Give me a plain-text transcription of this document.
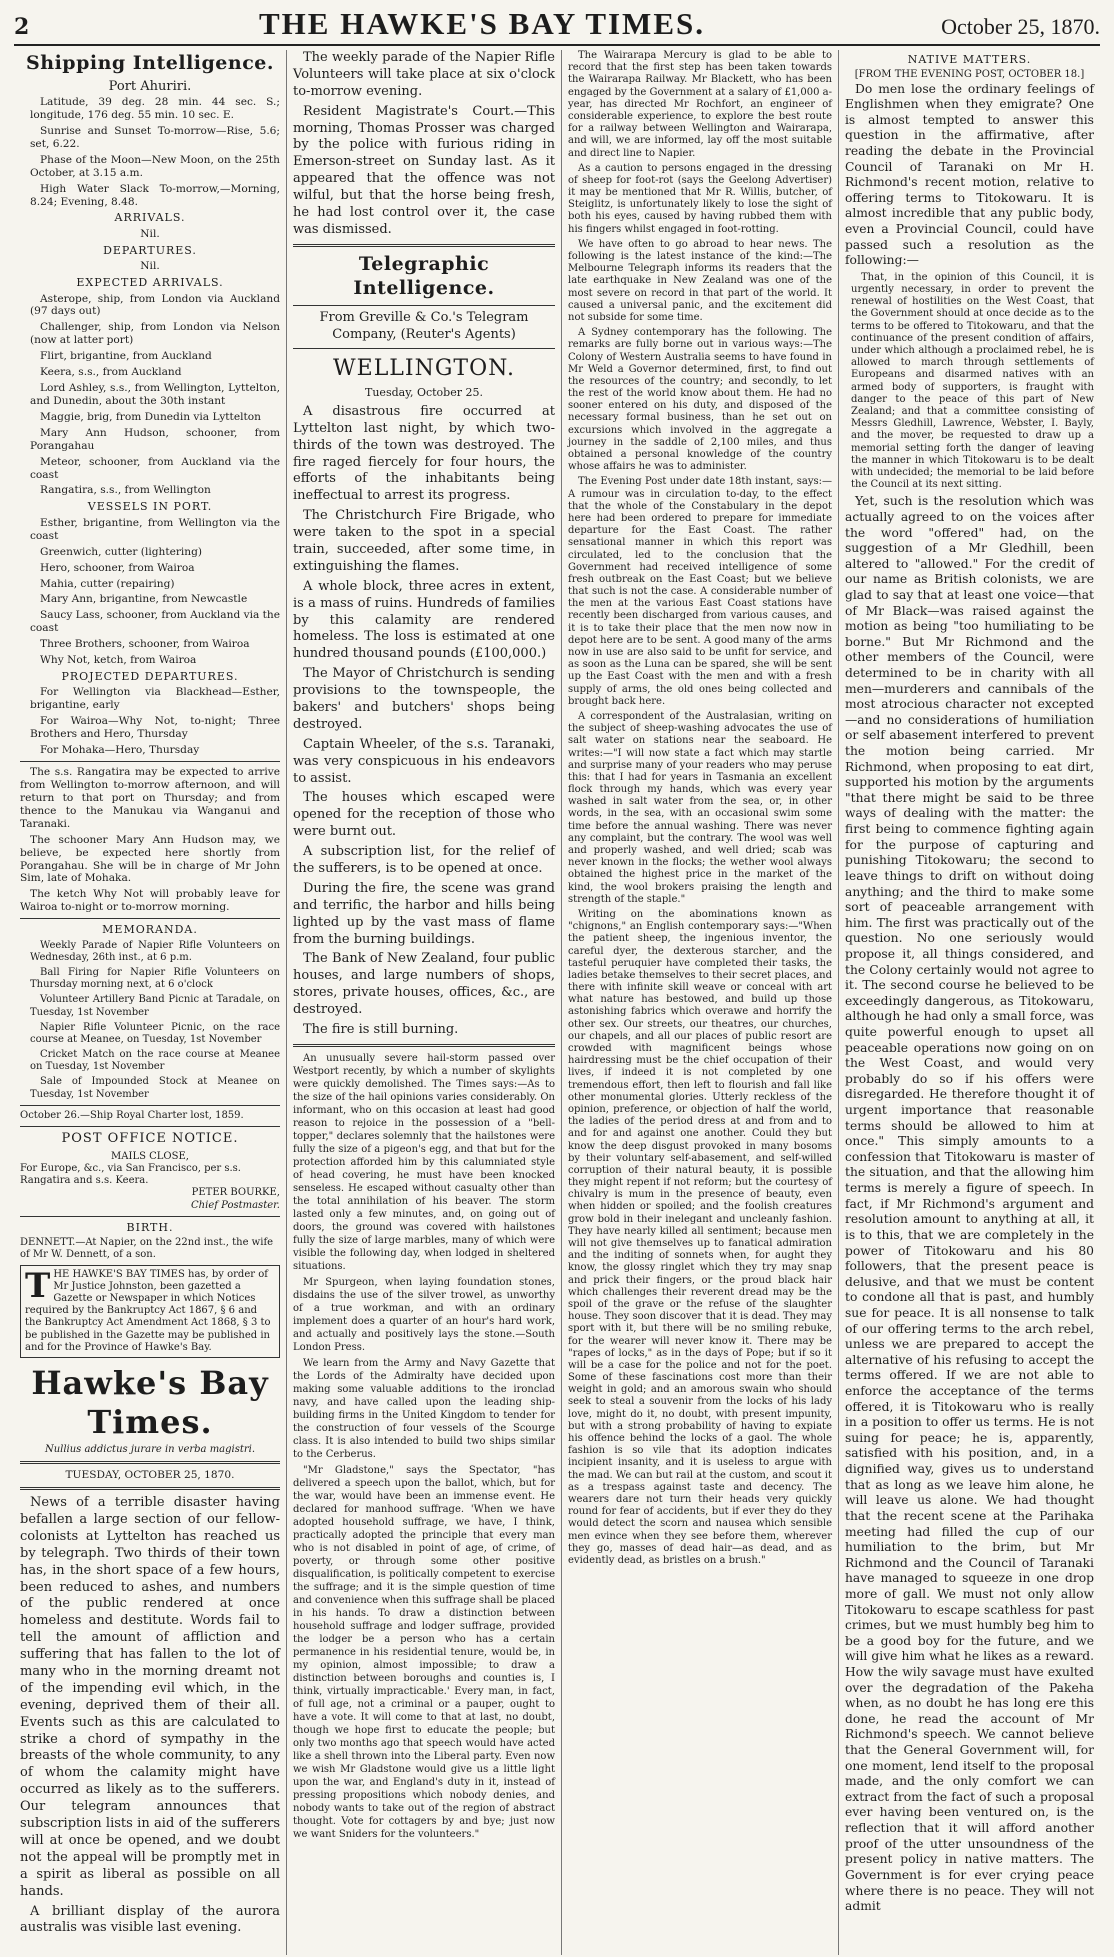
2	THE HAWKE'S BAY TIMES.	October 25, 1870.
Shipping Intelligence.
Port Ahuriri.

Latitude, 39 deg. 28 min. 44 sec. S.; longitude, 176 deg. 55 min. 10 sec. E.

Sunrise and Sunset To-morrow—Rise, 5.6; set, 6.22.

Phase of the Moon—New Moon, on the 25th October, at 3.15 a.m.

High Water Slack To-morrow,—Morning, 8.24; Evening, 8.48.

ARRIVALS.
Nil.
DEPARTURES.
Nil.
EXPECTED ARRIVALS.

Asterope, ship, from London via Auckland (97 days out)

Challenger, ship, from London via Nelson (now at latter port)

Flirt, brigantine, from Auckland

Keera, s.s., from Auckland

Lord Ashley, s.s., from Wellington, Lyttelton, and Dunedin, about the 30th instant

Maggie, brig, from Dunedin via Lyttelton

Mary Ann Hudson, schooner, from Porangahau

Meteor, schooner, from Auckland via the coast

Rangatira, s.s., from Wellington

VESSELS IN PORT.

Esther, brigantine, from Wellington via the coast

Greenwich, cutter (lightering)

Hero, schooner, from Wairoa

Mahia, cutter (repairing)

Mary Ann, brigantine, from Newcastle

Saucy Lass, schooner, from Auckland via the coast

Three Brothers, schooner, from Wairoa

Why Not, ketch, from Wairoa

PROJECTED DEPARTURES.

For Wellington via Blackhead—Esther, brigantine, early

For Wairoa—Why Not, to-night; Three Brothers and Hero, Thursday

For Mohaka—Hero, Thursday

The s.s. Rangatira may be expected to arrive from Wellington to-morrow afternoon, and will return to that port on Thursday; and from thence to the Manukau via Wanganui and Taranaki.

The schooner Mary Ann Hudson may, we believe, be expected here shortly from Porangahau. She will be in charge of Mr John Sim, late of Mohaka.

The ketch Why Not will probably leave for Wairoa to-night or to-morrow morning.

MEMORANDA.

Weekly Parade of Napier Rifle Volunteers on Wednesday, 26th inst., at 6 p.m.

Ball Firing for Napier Rifle Volunteers on Thursday morning next, at 6 o'clock

Volunteer Artillery Band Picnic at Taradale, on Tuesday, 1st November

Napier Rifle Volunteer Picnic, on the race course at Meanee, on Tuesday, 1st November

Cricket Match on the race course at Meanee on Tuesday, 1st November

Sale of Impounded Stock at Meanee on Tuesday, 1st November

October 26.—Ship Royal Charter lost, 1859.
POST OFFICE NOTICE.
MAILS CLOSE,
For Europe, &c., via San Francisco, per s.s. Rangatira and s.s. Keera.
PETER BOURKE,
Chief Postmaster.
BIRTH.
DENNETT.—At Napier, on the 22nd inst., the wife of Mr W. Dennett, of a son.
T HE HAWKE'S BAY TIMES has, by order of Mr Justice Johnston, been gazetted a Gazette or Newspaper in which Notices required by the Bankruptcy Act 1867, § 6 and the Bankruptcy Act Amendment Act 1868, § 3 to be published in the Gazette may be published in and for the Province of Hawke's Bay.
Hawke's Bay Times.
Nullius addictus jurare in verba magistri.
TUESDAY, OCTOBER 25, 1870.

News of a terrible disaster having befallen a large section of our fellow-colonists at Lyttelton has reached us by telegraph. Two thirds of their town has, in the short space of a few hours, been reduced to ashes, and numbers of the public rendered at once homeless and destitute. Words fail to tell the amount of affliction and suffering that has fallen to the lot of many who in the morning dreamt not of the impending evil which, in the evening, deprived them of their all. Events such as this are calculated to strike a chord of sympathy in the breasts of the whole community, to any of whom the calamity might have occurred as likely as to the sufferers. Our telegram announces that subscription lists in aid of the sufferers will at once be opened, and we doubt not the appeal will be promptly met in a spirit as liberal as possible on all hands.

A brilliant display of the aurora australis was visible last evening.

The weekly parade of the Napier Rifle Volunteers will take place at six o'clock to-morrow evening.

Resident Magistrate's Court.—This morning, Thomas Prosser was charged by the police with furious riding in Emerson-street on Sunday last. As it appeared that the offence was not wilful, but that the horse being fresh, he had lost control over it, the case was dismissed.

Telegraphic Intelligence.
From Greville & Co.'s Telegram Company, (Reuter's Agents)
WELLINGTON.
Tuesday, October 25.

A disastrous fire occurred at Lyttelton last night, by which two-thirds of the town was destroyed. The fire raged fiercely for four hours, the efforts of the inhabitants being ineffectual to arrest its progress.

The Christchurch Fire Brigade, who were taken to the spot in a special train, succeeded, after some time, in extinguishing the flames.

A whole block, three acres in extent, is a mass of ruins. Hundreds of families by this calamity are rendered homeless. The loss is estimated at one hundred thousand pounds (£100,000.)

The Mayor of Christchurch is sending provisions to the townspeople, the bakers' and butchers' shops being destroyed.

Captain Wheeler, of the s.s. Taranaki, was very conspicuous in his endeavors to assist.

The houses which escaped were opened for the reception of those who were burnt out.

A subscription list, for the relief of the sufferers, is to be opened at once.

During the fire, the scene was grand and terrific, the harbor and hills being lighted up by the vast mass of flame from the burning buildings.

The Bank of New Zealand, four public houses, and large numbers of shops, stores, private houses, offices, &c., are destroyed.

The fire is still burning.

An unusually severe hail-storm passed over Westport recently, by which a number of skylights were quickly demolished. The Times says:—As to the size of the hail opinions varies considerably. On informant, who on this occasion at least had good reason to rejoice in the possession of a "bell-topper," declares solemnly that the hailstones were fully the size of a pigeon's egg, and that but for the protection afforded him by this calumniated style of head covering, he must have been knocked senseless. He escaped without casualty other than the total annihilation of his beaver. The storm lasted only a few minutes, and, on going out of doors, the ground was covered with hailstones fully the size of large marbles, many of which were visible the following day, when lodged in sheltered situations.

Mr Spurgeon, when laying foundation stones, disdains the use of the silver trowel, as unworthy of a true workman, and with an ordinary implement does a quarter of an hour's hard work, and actually and positively lays the stone.—South London Press.

We learn from the Army and Navy Gazette that the Lords of the Admiralty have decided upon making some valuable additions to the ironclad navy, and have called upon the leading ship-building firms in the United Kingdom to tender for the construction of four vessels of the Scourge class. It is also intended to build two ships similar to the Cerberus.

"Mr Gladstone," says the Spectator, "has delivered a speech upon the ballot, which, but for the war, would have been an immense event. He declared for manhood suffrage. 'When we have adopted household suffrage, we have, I think, practically adopted the principle that every man who is not disabled in point of age, of crime, of poverty, or through some other positive disqualification, is politically competent to exercise the suffrage; and it is the simple question of time and convenience when this suffrage shall be placed in his hands. To draw a distinction between household suffrage and lodger suffrage, provided the lodger be a person who has a certain permanence in his residential tenure, would be, in my opinion, almost impossible; to draw a distinction between boroughs and counties is, I think, virtually impracticable.' Every man, in fact, of full age, not a criminal or a pauper, ought to have a vote. It will come to that at last, no doubt, though we hope first to educate the people; but only two months ago that speech would have acted like a shell thrown into the Liberal party. Even now we wish Mr Gladstone would give us a little light upon the war, and England's duty in it, instead of pressing propositions which nobody denies, and nobody wants to take out of the region of abstract thought. Vote for cottagers by and bye; just now we want Sniders for the volunteers."

The Wairarapa Mercury is glad to be able to record that the first step has been taken towards the Wairarapa Railway. Mr Blackett, who has been engaged by the Government at a salary of £1,000 a-year, has directed Mr Rochfort, an engineer of considerable experience, to explore the best route for a railway between Wellington and Wairarapa, and will, we are informed, lay off the most suitable and direct line to Napier.

As a caution to persons engaged in the dressing of sheep for foot-rot (says the Geelong Advertiser) it may be mentioned that Mr R. Willis, butcher, of Steiglitz, is unfortunately likely to lose the sight of both his eyes, caused by having rubbed them with his fingers whilst engaged in foot-rotting.

We have often to go abroad to hear news. The following is the latest instance of the kind:—The Melbourne Telegraph informs its readers that the late earthquake in New Zealand was one of the most severe on record in that part of the world. It caused a universal panic, and the excitement did not subside for some time.

A Sydney contemporary has the following. The remarks are fully borne out in various ways:—The Colony of Western Australia seems to have found in Mr Weld a Governor determined, first, to find out the resources of the country; and secondly, to let the rest of the world know about them. He had no sooner entered on his duty, and disposed of the necessary formal business, than he set out on excursions which involved in the aggregate a journey in the saddle of 2,100 miles, and thus obtained a personal knowledge of the country whose affairs he was to administer.

The Evening Post under date 18th instant, says:—A rumour was in circulation to-day, to the effect that the whole of the Constabulary in the depot here had been ordered to prepare for immediate departure for the East Coast. The rather sensational manner in which this report was circulated, led to the conclusion that the Government had received intelligence of some fresh outbreak on the East Coast; but we believe that such is not the case. A considerable number of the men at the various East Coast stations have recently been discharged from various causes, and it is to take their place that the men now now in depot here are to be sent. A good many of the arms now in use are also said to be unfit for service, and as soon as the Luna can be spared, she will be sent up the East Coast with the men and with a fresh supply of arms, the old ones being collected and brought back here.

A correspondent of the Australasian, writing on the subject of sheep-washing advocates the use of salt water on stations near the seaboard. He writes:—"I will now state a fact which may startle and surprise many of your readers who may peruse this: that I had for years in Tasmania an excellent flock through my hands, which was every year washed in salt water from the sea, or, in other words, in the sea, with an occasional swim some time before the annual washing. There was never any complaint, but the contrary. The wool was well and properly washed, and well dried; scab was never known in the flocks; the wether wool always obtained the highest price in the market of the kind, the wool brokers praising the length and strength of the staple."

Writing on the abominations known as "chignons," an English contemporary says:—"When the patient sheep, the ingenious inventor, the careful dyer, the dexterous starcher, and the tasteful peruquier have completed their tasks, the ladies betake themselves to their secret places, and there with infinite skill weave or conceal with art what nature has bestowed, and build up those astonishing fabrics which overawe and horrify the other sex. Our streets, our theatres, our churches, our chapels, and all our places of public resort are crowded with magnificent beings whose hairdressing must be the chief occupation of their lives, if indeed it is not completed by one tremendous effort, then left to flourish and fall like other monumental glories. Utterly reckless of the opinion, preference, or objection of half the world, the ladies of the period dress at and from and to and for and against one another. Could they but know the deep disgust provoked in many bosoms by their voluntary self-abasement, and self-willed corruption of their natural beauty, it is possible they might repent if not reform; but the courtesy of chivalry is mum in the presence of beauty, even when hidden or spoiled; and the foolish creatures grow bold in their inelegant and uncleanly fashion. They have nearly killed all sentiment; because men will not give themselves up to fanatical admiration and the inditing of sonnets when, for aught they know, the glossy ringlet which they try may snap and prick their fingers, or the proud black hair which challenges their reverent dread may be the spoil of the grave or the refuse of the slaughter house. They soon discover that it is dead. They may sport with it, but there will be no smiling rebuke, for the wearer will never know it. There may be "rapes of locks," as in the days of Pope; but if so it will be a case for the police and not for the poet. Some of these fascinations cost more than their weight in gold; and an amorous swain who should seek to steal a souvenir from the locks of his lady love, might do it, no doubt, with present impunity, but with a strong probability of having to expiate his offence behind the locks of a gaol. The whole fashion is so vile that its adoption indicates incipient insanity, and it is useless to argue with the mad. We can but rail at the custom, and scout it as a trespass against taste and decency. The wearers dare not turn their heads very quickly round for fear of accidents, but if ever they do they would detect the scorn and nausea which sensible men evince when they see before them, wherever they go, masses of dead hair—as dead, and as evidently dead, as bristles on a brush."

NATIVE MATTERS.
[FROM THE EVENING POST, OCTOBER 18.]

Do men lose the ordinary feelings of Englishmen when they emigrate? One is almost tempted to answer this question in the affirmative, after reading the debate in the Provincial Council of Taranaki on Mr H. Richmond's recent motion, relative to offering terms to Titokowaru. It is almost incredible that any public body, even a Provincial Council, could have passed such a resolution as the following:—

That, in the opinion of this Council, it is urgently necessary, in order to prevent the renewal of hostilities on the West Coast, that the Government should at once decide as to the terms to be offered to Titokowaru, and that the continuance of the present condition of affairs, under which although a proclaimed rebel, he is allowed to march through settlements of Europeans and disarmed natives with an armed body of supporters, is fraught with danger to the peace of this part of New Zealand; and that a committee consisting of Messrs Gledhill, Lawrence, Webster, I. Bayly, and the mover, be requested to draw up a memorial setting forth the danger of leaving the manner in which Titokowaru is to be dealt with undecided; the memorial to be laid before the Council at its next sitting.

Yet, such is the resolution which was actually agreed to on the voices after the word "offered" had, on the suggestion of a Mr Gledhill, been altered to "allowed." For the credit of our name as British colonists, we are glad to say that at least one voice—that of Mr Black—was raised against the motion as being "too humiliating to be borne." But Mr Richmond and the other members of the Council, were determined to be in charity with all men—murderers and cannibals of the most atrocious character not excepted—and no considerations of humiliation or self abasement interfered to prevent the motion being carried. Mr Richmond, when proposing to eat dirt, supported his motion by the arguments "that there might be said to be three ways of dealing with the matter: the first being to commence fighting again for the purpose of capturing and punishing Titokowaru; the second to leave things to drift on without doing anything; and the third to make some sort of peaceable arrangement with him. The first was practically out of the question. No one seriously would propose it, all things considered, and the Colony certainly would not agree to it. The second course he believed to be exceedingly dangerous, as Titokowaru, although he had only a small force, was quite powerful enough to upset all peaceable operations now going on on the West Coast, and would very probably do so if his offers were disregarded. He therefore thought it of urgent importance that reasonable terms should be allowed to him at once." This simply amounts to a confession that Titokowaru is master of the situation, and that the allowing him terms is merely a figure of speech. In fact, if Mr Richmond's argument and resolution amount to anything at all, it is to this, that we are completely in the power of Titokowaru and his 80 followers, that the present peace is delusive, and that we must be content to condone all that is past, and humbly sue for peace. It is all nonsense to talk of our offering terms to the arch rebel, unless we are prepared to accept the alternative of his refusing to accept the terms offered. If we are not able to enforce the acceptance of the terms offered, it is Titokowaru who is really in a position to offer us terms. He is not suing for peace; he is, apparently, satisfied with his position, and, in a dignified way, gives us to understand that as long as we leave him alone, he will leave us alone. We had thought that the recent scene at the Parihaka meeting had filled the cup of our humiliation to the brim, but Mr Richmond and the Council of Taranaki have managed to squeeze in one drop more of gall. We must not only allow Titokowaru to escape scathless for past crimes, but we must humbly beg him to be a good boy for the future, and we will give him what he likes as a reward. How the wily savage must have exulted over the degradation of the Pakeha when, as no doubt he has long ere this done, he read the account of Mr Richmond's speech. We cannot believe that the General Government will, for one moment, lend itself to the proposal made, and the only comfort we can extract from the fact of such a proposal ever having been ventured on, is the reflection that it will afford another proof of the utter unsoundness of the present policy in native matters. The Government is for ever crying peace where there is no peace. They will not admit
